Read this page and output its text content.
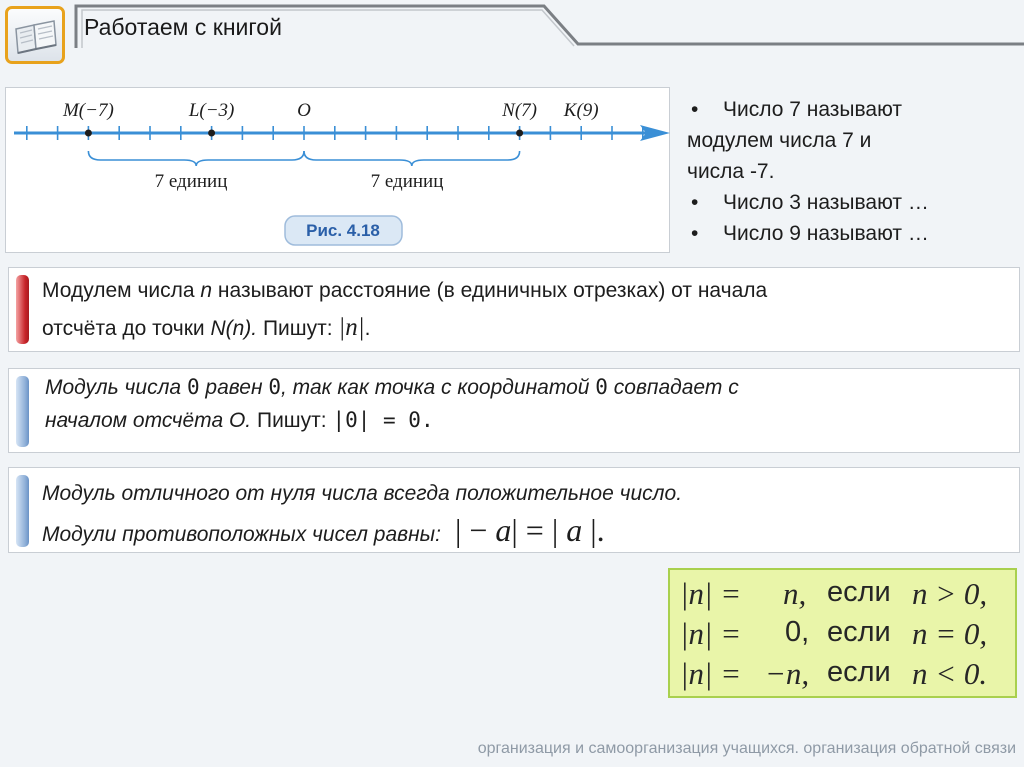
Работаем с книгой
M(−7)	L(−3)	O	N(7) K(9)
7 единиц	7 единиц
Рис. 4.18
•	Число 7 называют
модулем числа 7 и
числа -7.
•	Число 3 называют …
•	Число 9 называют …
Модулем числа n называют расстояние (в единичных отрезках) от начала
отсчёта до точки N(n). Пишут: |n|.
Модуль числа 0 равен 0, так как точка с координатой 0 совпадает с
началом отсчёта O. Пишут: |0| = 0.
Модуль отличного от нуля числа всегда положительное число.
Модули противоположных чисел равны: | − a| = | a |.
|n| = n, если n > 0,
|n| = 0, если n = 0,
|n| = −n, если n < 0.
организация и самоорганизация учащихся. организация обратной связи
